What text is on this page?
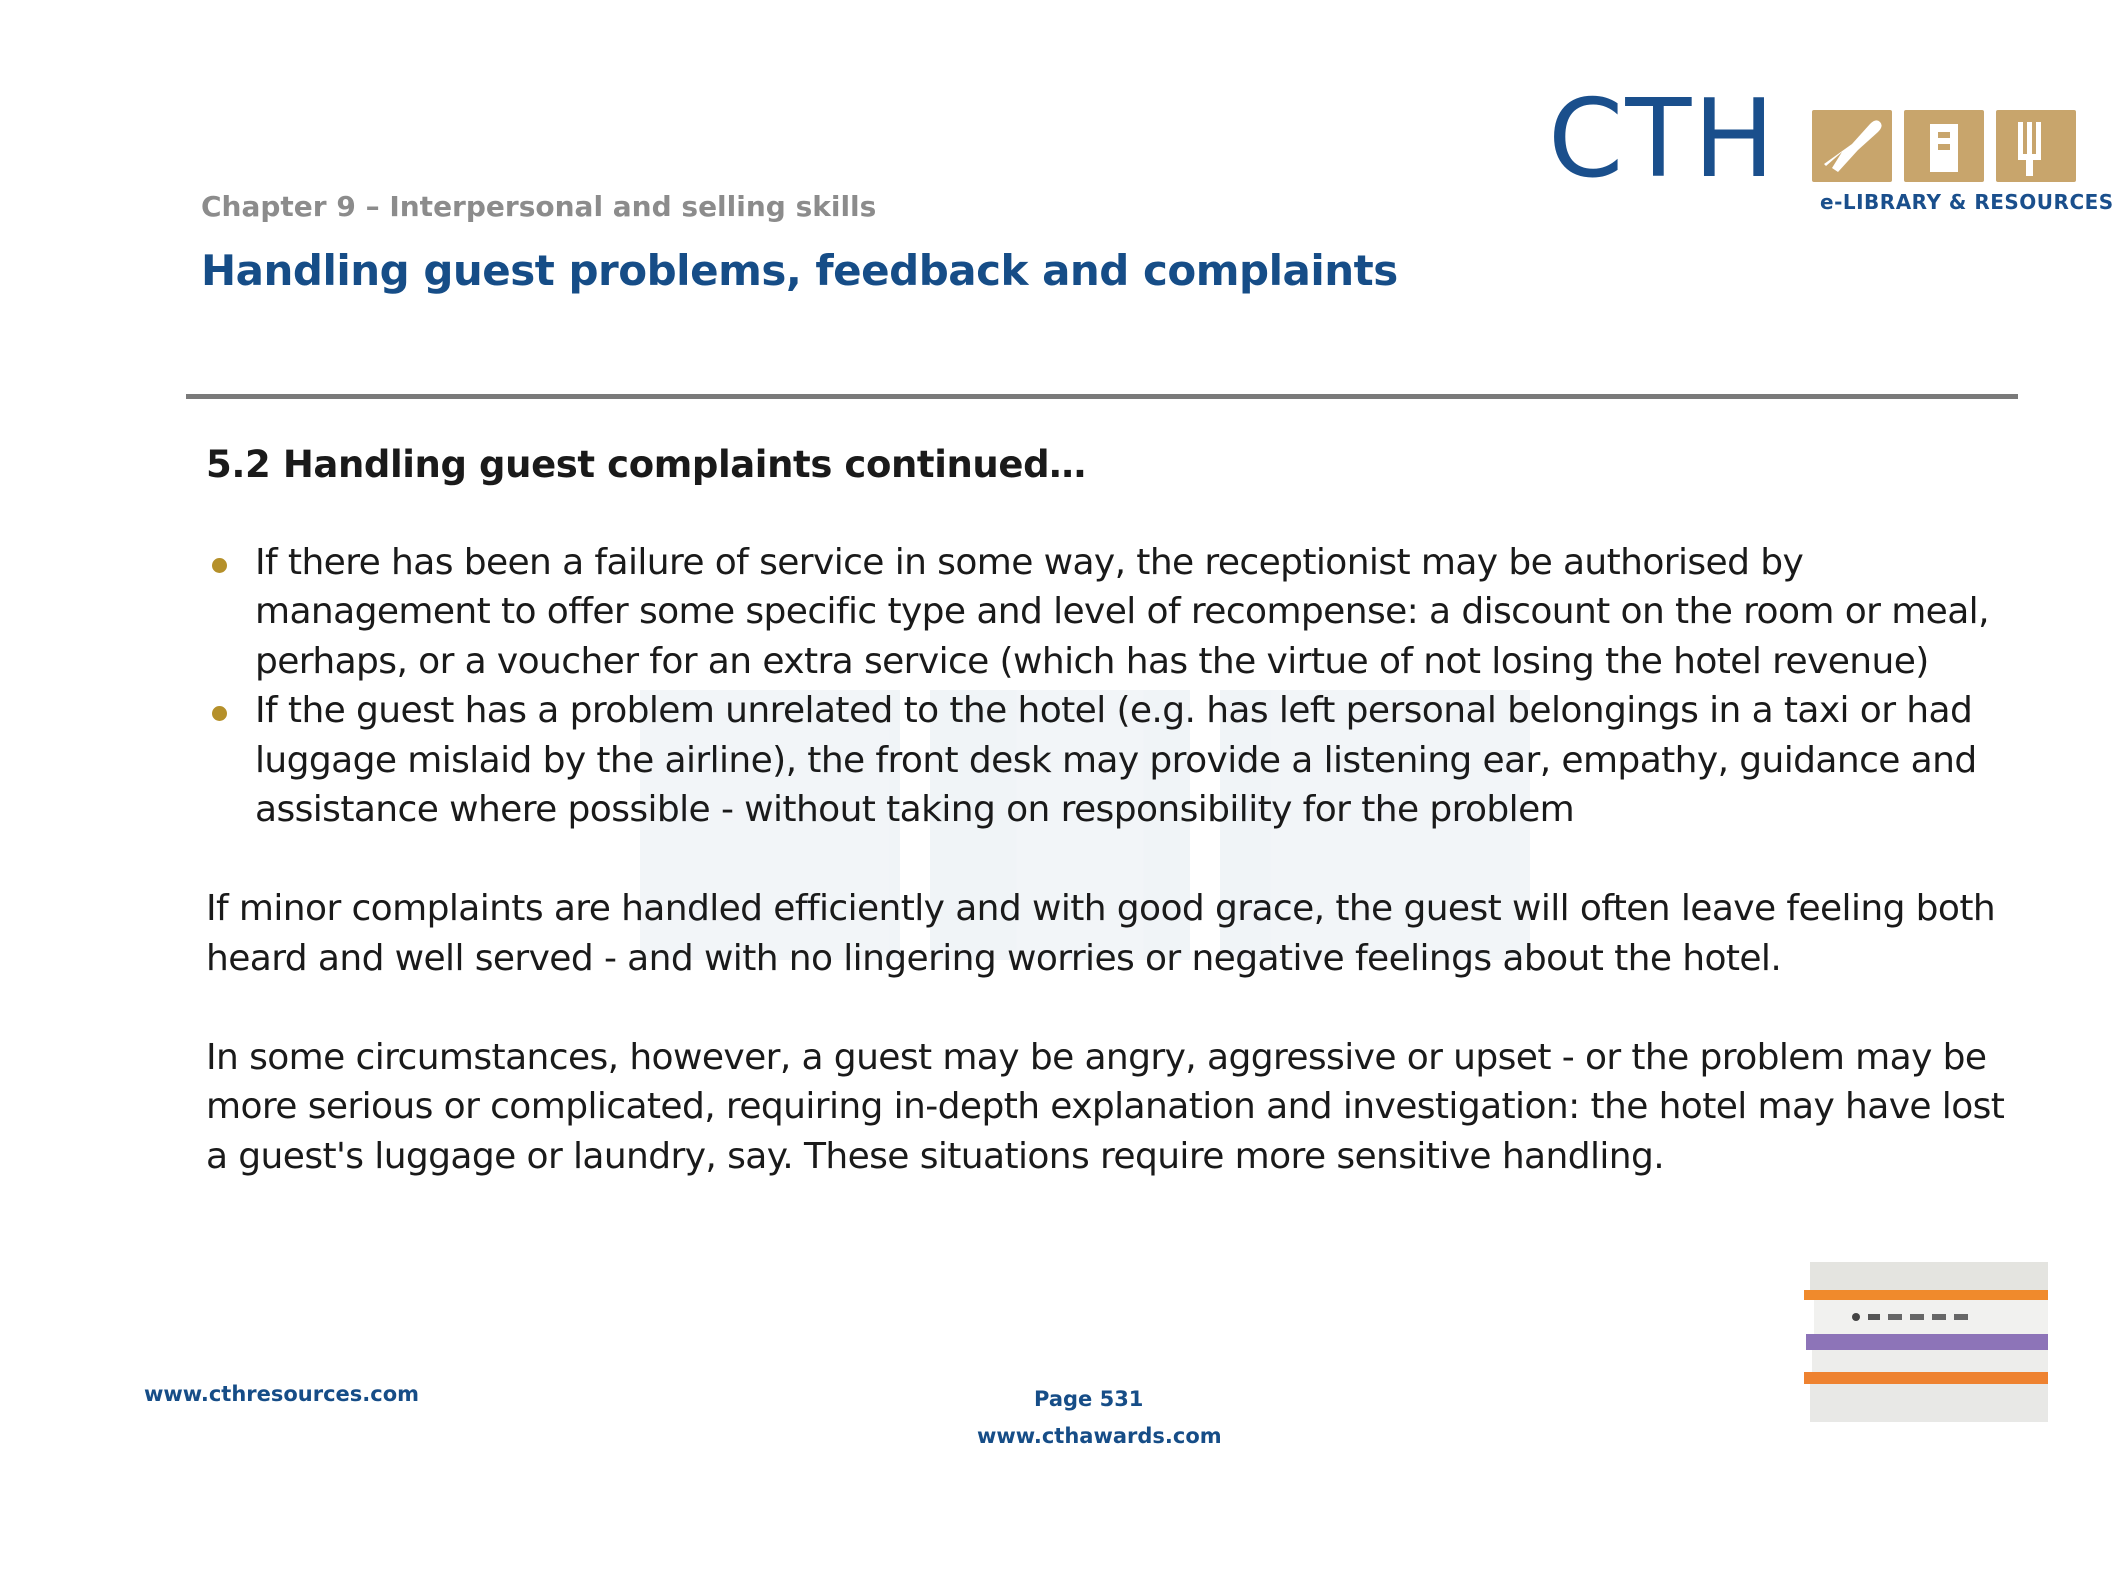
CTH e-LIBRARY & RESOURCES
Chapter 9 – Interpersonal and selling skills
Handling guest problems, feedback and complaints
5.2 Handling guest complaints continued…
If there has been a failure of service in some way, the receptionist may be authorised by management to offer some specific type and level of recompense: a discount on the room or meal, perhaps, or a voucher for an extra service (which has the virtue of not losing the hotel revenue)
If the guest has a problem unrelated to the hotel (e.g. has left personal belongings in a taxi or had luggage mislaid by the airline), the front desk may provide a listening ear, empathy, guidance and assistance where possible - without taking on responsibility for the problem

If minor complaints are handled efficiently and with good grace, the guest will often leave feeling both heard and well served - and with no lingering worries or negative feelings about the hotel.

In some circumstances, however, a guest may be angry, aggressive or upset - or the problem may be more serious or complicated, requiring in-depth explanation and investigation: the hotel may have lost a guest's luggage or laundry, say. These situations require more sensitive handling.

www.cthresources.com	Page 531
www.cthawards.com
